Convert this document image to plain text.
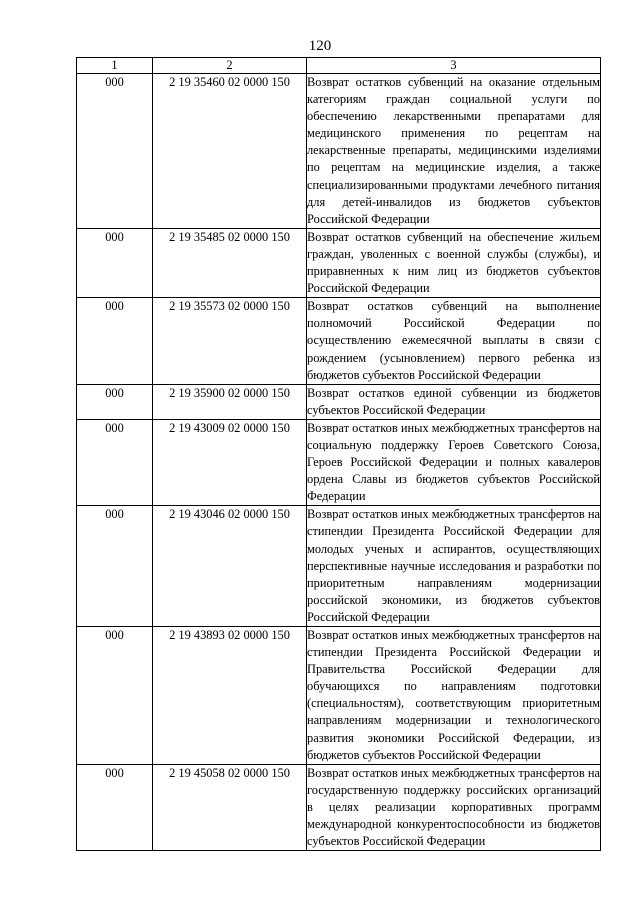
120
1	2	3
000	2 19 35460 02 0000 150	Возврат остатков субвенций на оказание отдельным категориям граждан социальной услуги по обеспечению лекарственными препаратами для медицинского применения по рецептам на лекарственные препараты, медицинскими изделиями по рецептам на медицинские изделия, а также специализированными продуктами лечебного питания для детей-инвалидов из бюджетов субъектов Российской Федерации
000	2 19 35485 02 0000 150	Возврат остатков субвенций на обеспечение жильем граждан, уволенных с военной службы (службы), и приравненных к ним лиц из бюджетов субъектов Российской Федерации
000	2 19 35573 02 0000 150	Возврат остатков субвенций на выполнение полномочий Российской Федерации по осуществлению ежемесячной выплаты в связи с рождением (усыновлением) первого ребенка из бюджетов субъектов Российской Федерации
000	2 19 35900 02 0000 150	Возврат остатков единой субвенции из бюджетов субъектов Российской Федерации
000	2 19 43009 02 0000 150	Возврат остатков иных межбюджетных трансфертов на социальную поддержку Героев Советского Союза, Героев Российской Федерации и полных кавалеров ордена Славы из бюджетов субъектов Российской Федерации
000	2 19 43046 02 0000 150	Возврат остатков иных межбюджетных трансфертов на стипендии Президента Российской Федерации для молодых ученых и аспирантов, осуществляющих перспективные научные исследования и разработки по приоритетным направлениям модернизации российской экономики, из бюджетов субъектов Российской Федерации
000	2 19 43893 02 0000 150	Возврат остатков иных межбюджетных трансфертов на стипендии Президента Российской Федерации и Правительства Российской Федерации для обучающихся по направлениям подготовки (специальностям), соответствующим приоритетным направлениям модернизации и технологического развития экономики Российской Федерации, из бюджетов субъектов Российской Федерации
000	2 19 45058 02 0000 150	Возврат остатков иных межбюджетных трансфертов на государственную поддержку российских организаций в целях реализации корпоративных программ международной конкурентоспособности из бюджетов субъектов Российской Федерации
